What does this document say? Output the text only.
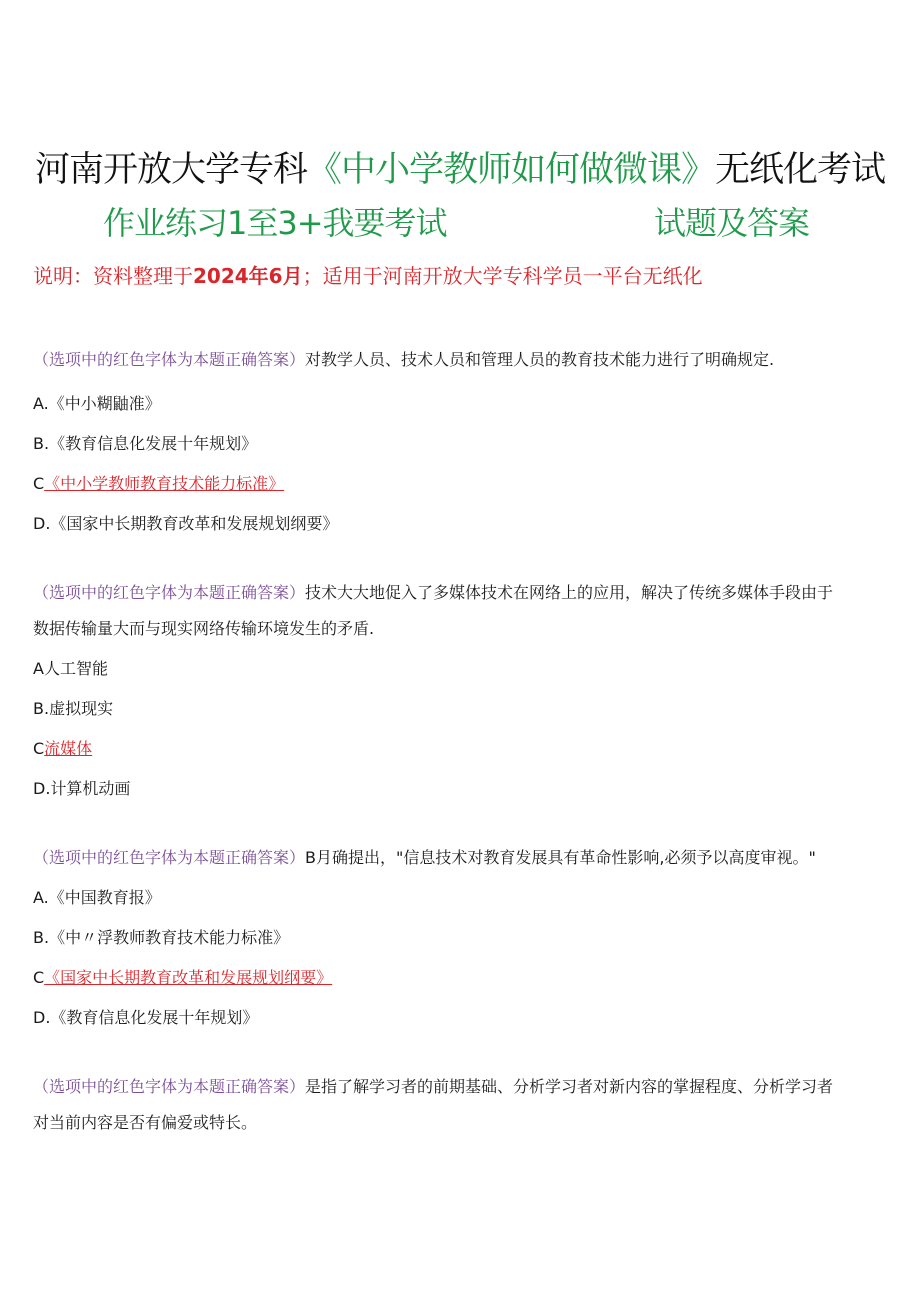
河南开放大学专科《中小学教师如何做微课》无纸化考试
作业练习1至3+我要考试	试题及答案
说明：资料整理于2024年6月；适用于河南开放大学专科学员一平台无纸化
（选项中的红色字体为本题正确答案）对教学人员、技术人员和管理人员的教育技术能力进行了明确规定.
A.《中小糊鼬准》
B.《教育信息化发展十年规划》
C《中小学教师教育技术能力标准》
D.《国家中长期教育改革和发展规划纲要》
（选项中的红色字体为本题正确答案）技术大大地促入了多媒体技术在网络上的应用，解决了传统多媒体手段由于
数据传输量大而与现实网络传输环境发生的矛盾.
A人工智能
B.虚拟现实
C流媒体
D.计算机动画
（选项中的红色字体为本题正确答案）B月确提出，"信息技术对教育发展具有革命性影响,必须予以高度审视。"
A.《中国教育报》
B.《中〃浮教师教育技术能力标准》
C《国家中长期教育改革和发展规划纲要》
D.《教育信息化发展十年规划》
（选项中的红色字体为本题正确答案）是指了解学习者的前期基础、分析学习者对新内容的掌握程度、分析学习者
对当前内容是否有偏爱或特长。
